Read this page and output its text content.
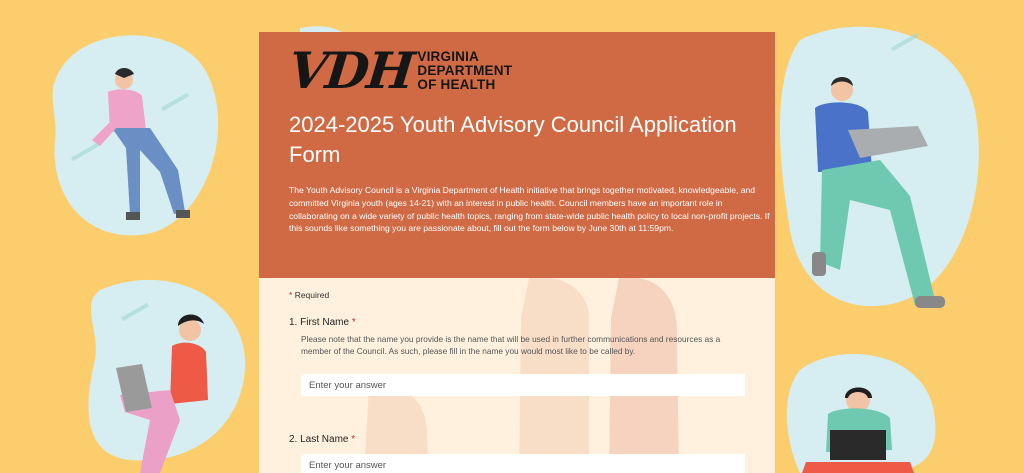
VDH VIRGINIA
DEPARTMENT
OF HEALTH
2024-2025 Youth Advisory Council Application Form

The Youth Advisory Council is a Virginia Department of Health initiative that brings together motivated, knowledgeable, and committed Virginia youth (ages 14-21) with an interest in public health. Council members have an important role in collaborating on a wide variety of public health topics, ranging from state-wide public health policy to local non-profit projects. If this sounds like something you are passionate about, fill out the form below by June 30th at 11:59pm.

* Required
1. First Name *

Please note that the name you provide is the name that will be used in further communications and resources as a member of the Council. As such, please fill in the name you would most like to be called by.

Enter your answer
2. Last Name *
Enter your answer
